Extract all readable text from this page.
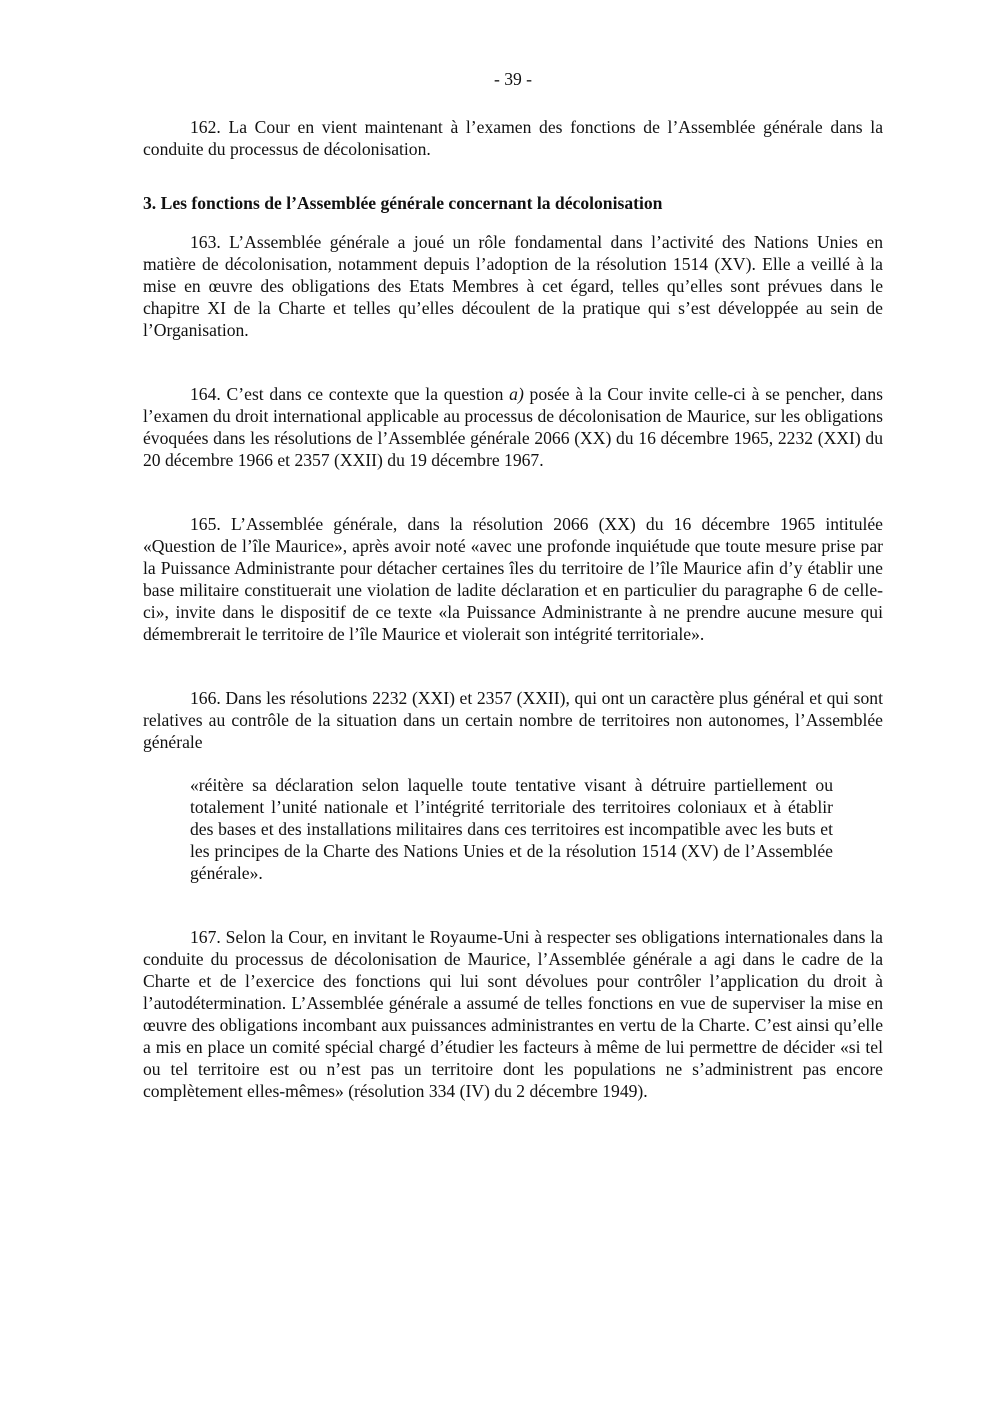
- 39 -

162. La Cour en vient maintenant à l’examen des fonctions de l’Assemblée générale dans la conduite du processus de décolonisation.

3. Les fonctions de l’Assemblée générale concernant la décolonisation

163. L’Assemblée générale a joué un rôle fondamental dans l’activité des Nations Unies en matière de décolonisation, notamment depuis l’adoption de la résolution 1514 (XV). Elle a veillé à la mise en œuvre des obligations des Etats Membres à cet égard, telles qu’elles sont prévues dans le chapitre XI de la Charte et telles qu’elles découlent de la pratique qui s’est développée au sein de l’Organisation.

164. C’est dans ce contexte que la question a) posée à la Cour invite celle-ci à se pencher, dans l’examen du droit international applicable au processus de décolonisation de Maurice, sur les obligations évoquées dans les résolutions de l’Assemblée générale 2066 (XX) du 16 décembre 1965, 2232 (XXI) du 20 décembre 1966 et 2357 (XXII) du 19 décembre 1967.

165. L’Assemblée générale, dans la résolution 2066 (XX) du 16 décembre 1965 intitulée «Question de l’île Maurice», après avoir noté «avec une profonde inquiétude que toute mesure prise par la Puissance Administrante pour détacher certaines îles du territoire de l’île Maurice afin d’y établir une base militaire constituerait une violation de ladite déclaration et en particulier du paragraphe 6 de celle-ci», invite dans le dispositif de ce texte «la Puissance Administrante à ne prendre aucune mesure qui démembrerait le territoire de l’île Maurice et violerait son intégrité territoriale».

166. Dans les résolutions 2232 (XXI) et 2357 (XXII), qui ont un caractère plus général et qui sont relatives au contrôle de la situation dans un certain nombre de territoires non autonomes, l’Assemblée générale

«réitère sa déclaration selon laquelle toute tentative visant à détruire partiellement ou totalement l’unité nationale et l’intégrité territoriale des territoires coloniaux et à établir des bases et des installations militaires dans ces territoires est incompatible avec les buts et les principes de la Charte des Nations Unies et de la résolution 1514 (XV) de l’Assemblée générale».

167. Selon la Cour, en invitant le Royaume-Uni à respecter ses obligations internationales dans la conduite du processus de décolonisation de Maurice, l’Assemblée générale a agi dans le cadre de la Charte et de l’exercice des fonctions qui lui sont dévolues pour contrôler l’application du droit à l’autodétermination. L’Assemblée générale a assumé de telles fonctions en vue de superviser la mise en œuvre des obligations incombant aux puissances administrantes en vertu de la Charte. C’est ainsi qu’elle a mis en place un comité spécial chargé d’étudier les facteurs à même de lui permettre de décider «si tel ou tel territoire est ou n’est pas un territoire dont les populations ne s’administrent pas encore complètement elles-mêmes» (résolution 334 (IV) du 2 décembre 1949).
